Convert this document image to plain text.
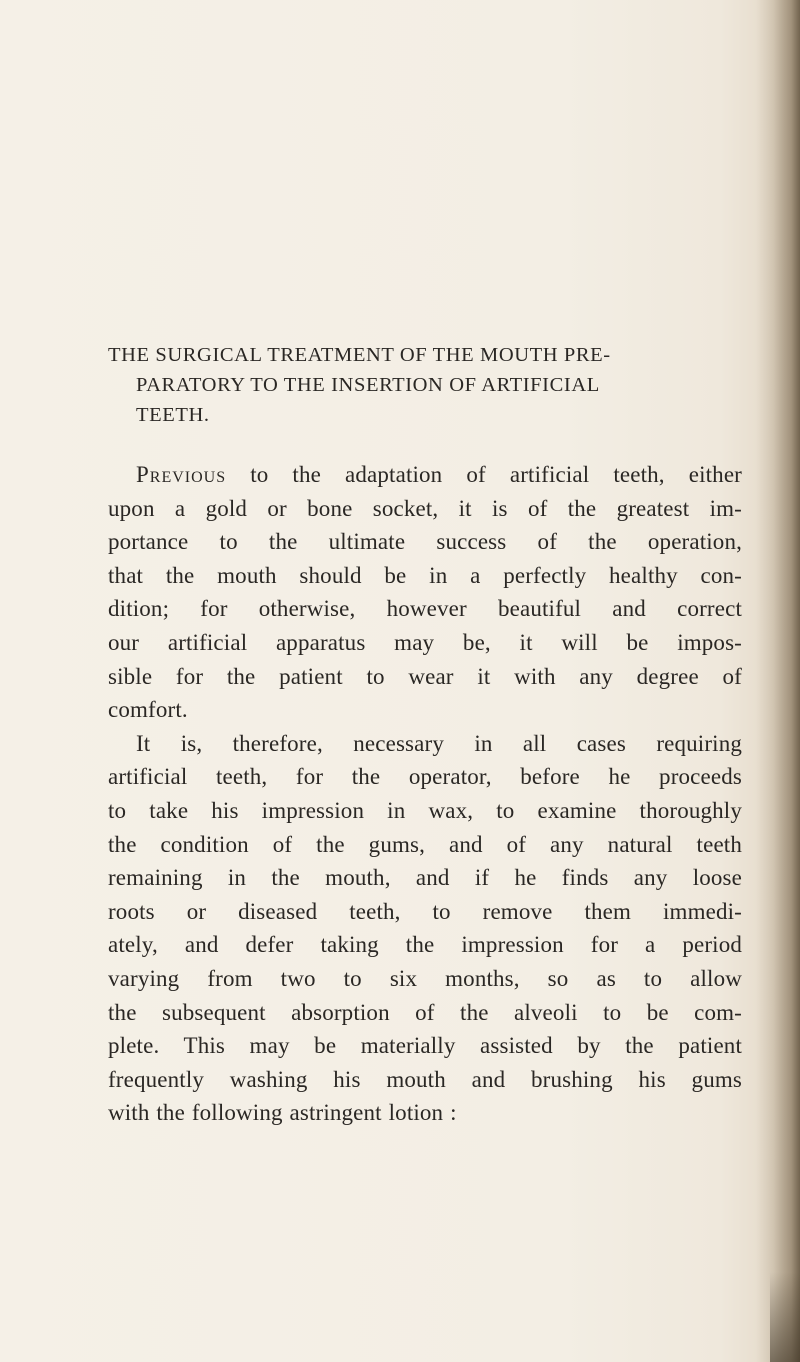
THE SURGICAL TREATMENT OF THE MOUTH PRE-
PARATORY TO THE INSERTION OF ARTIFICIAL
TEETH.

Previous to the adaptation of artificial teeth, either
upon a gold or bone socket, it is of the greatest im-
portance to the ultimate success of the operation,
that the mouth should be in a perfectly healthy con-
dition; for otherwise, however beautiful and correct
our artificial apparatus may be, it will be impos-
sible for the patient to wear it with any degree of
comfort.

It is, therefore, necessary in all cases requiring
artificial teeth, for the operator, before he proceeds
to take his impression in wax, to examine thoroughly
the condition of the gums, and of any natural teeth
remaining in the mouth, and if he finds any loose
roots or diseased teeth, to remove them immedi-
ately, and defer taking the impression for a period
varying from two to six months, so as to allow
the subsequent absorption of the alveoli to be com-
plete. This may be materially assisted by the patient
frequently washing his mouth and brushing his gums
with the following astringent lotion :
